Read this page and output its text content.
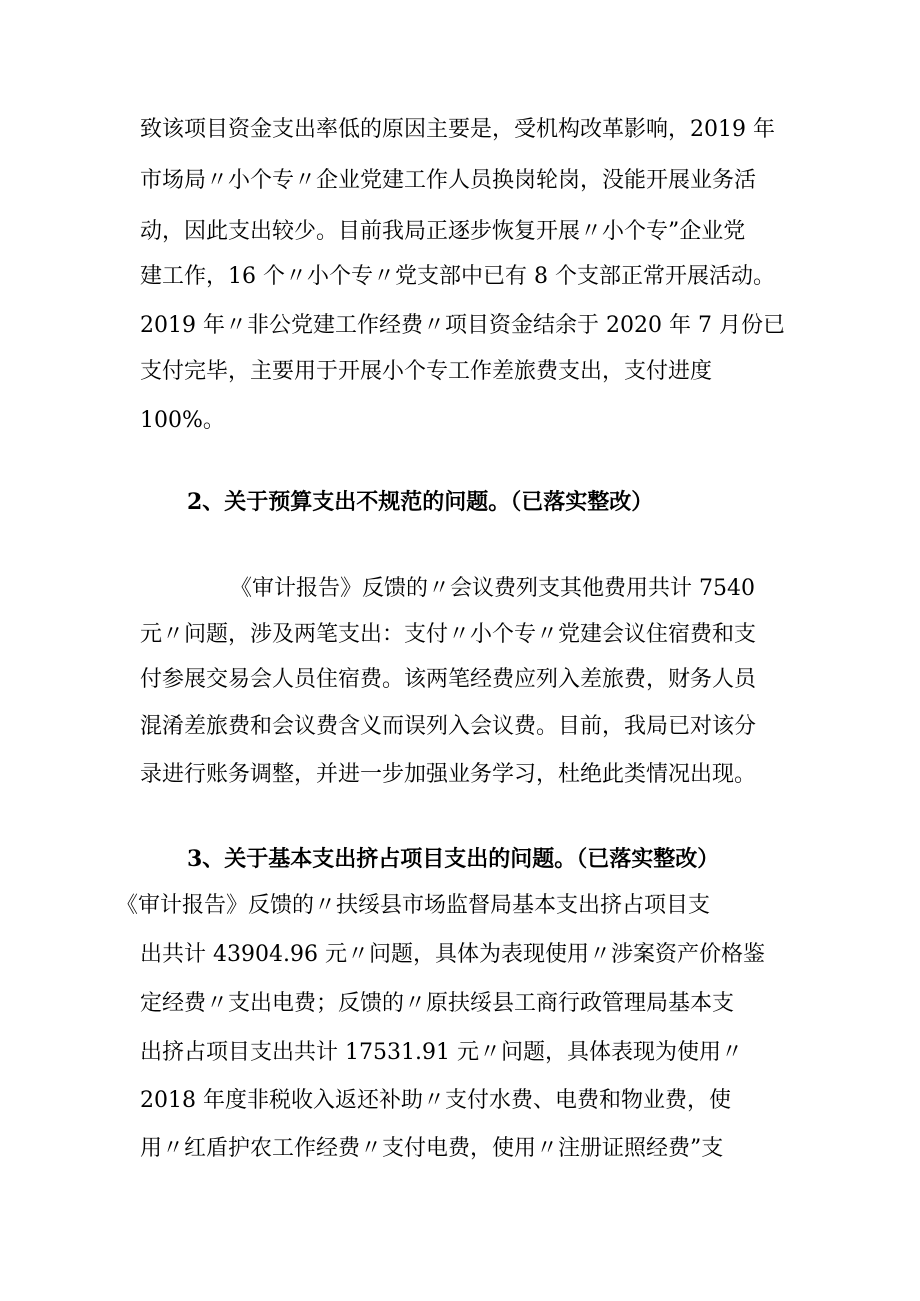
致该项目资金支出率低的原因主要是，受机构改革影响，2019 年
市场局〃小个专〃企业党建工作人员换岗轮岗，没能开展业务活
动，因此支出较少。目前我局正逐步恢复开展〃小个专”企业党
建工作，16 个〃小个专〃党支部中已有 8 个支部正常开展活动。
2019 年〃非公党建工作经费〃项目资金结余于 2020 年 7 月份已
支付完毕，主要用于开展小个专工作差旅费支出，支付进度
100%。
2、关于预算支出不规范的问题。（已落实整改）
《审计报告》反馈的〃会议费列支其他费用共计 7540
元〃问题，涉及两笔支出：支付〃小个专〃党建会议住宿费和支
付参展交易会人员住宿费。该两笔经费应列入差旅费，财务人员
混淆差旅费和会议费含义而误列入会议费。目前，我局已对该分
录进行账务调整，并进一步加强业务学习，杜绝此类情况出现。
3、关于基本支出挤占项目支出的问题。（已落实整改）
《审计报告》反馈的〃扶绥县市场监督局基本支出挤占项目支
出共计 43904.96 元〃问题，具体为表现使用〃涉案资产价格鉴
定经费〃支出电费；反馈的〃原扶绥县工商行政管理局基本支
出挤占项目支出共计 17531.91 元〃问题，具体表现为使用〃
2018 年度非税收入返还补助〃支付水费、电费和物业费，使
用〃红盾护农工作经费〃支付电费，使用〃注册证照经费”支
